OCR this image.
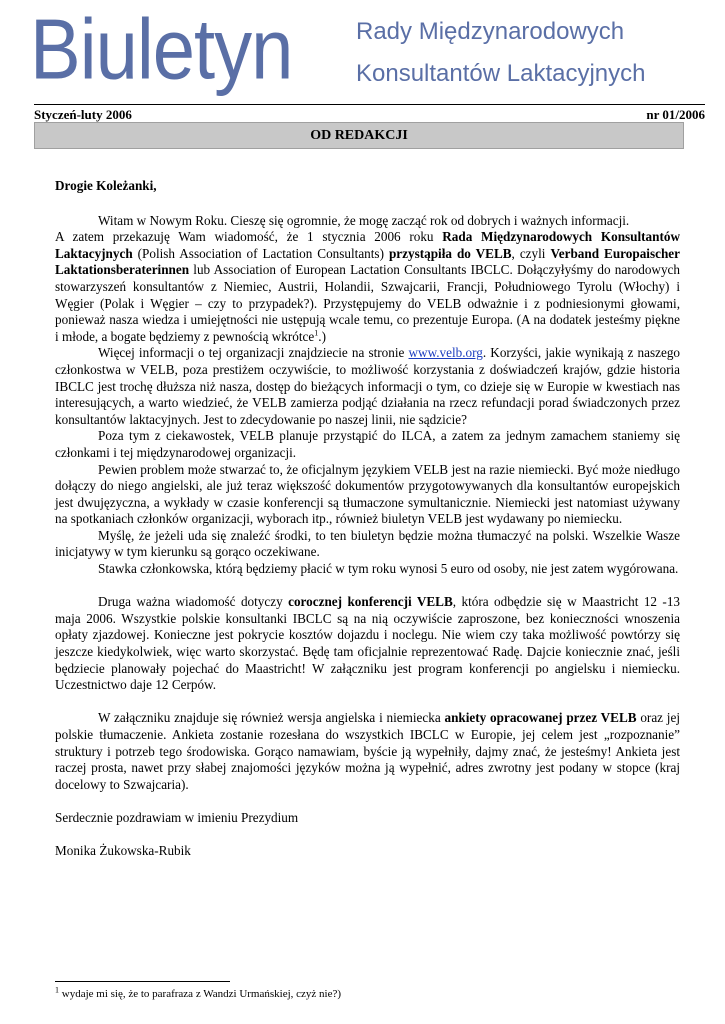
Biuletyn	Rady Międzynarodowych
Konsultantów Laktacyjnych
Styczeń-luty 2006	nr 01/2006
OD REDAKCJI

Drogie Koleżanki,

Witam w Nowym Roku. Cieszę się ogromnie, że mogę zacząć rok od dobrych i ważnych informacji.

A zatem przekazuję Wam wiadomość, że 1 stycznia 2006 roku Rada Międzynarodowych Konsultantów Laktacyjnych (Polish Association of Lactation Consultants) przystąpiła do VELB, czyli Verband Europaischer Laktationsberaterinnen lub Association of European Lactation Consultants IBCLC. Dołączyłyśmy do narodowych stowarzyszeń konsultantów z Niemiec, Austrii, Holandii, Szwajcarii, Francji, Południowego Tyrolu (Włochy) i Węgier (Polak i Węgier – czy to przypadek?). Przystępujemy do VELB odważnie i z podniesionymi głowami, ponieważ nasza wiedza i umiejętności nie ustępują wcale temu, co prezentuje Europa. (A na dodatek jesteśmy piękne i młode, a bogate będziemy z pewnością wkrótce$^1$.)

Więcej informacji o tej organizacji znajdziecie na stronie www.velb.org. Korzyści, jakie wynikają z naszego członkostwa w VELB, poza prestiżem oczywiście, to możliwość korzystania z doświadczeń krajów, gdzie historia IBCLC jest trochę dłuższa niż nasza, dostęp do bieżących informacji o tym, co dzieje się w Europie w kwestiach nas interesujących, a warto wiedzieć, że VELB zamierza podjąć działania na rzecz refundacji porad świadczonych przez konsultantów laktacyjnych. Jest to zdecydowanie po naszej linii, nie sądzicie?

Poza tym z ciekawostek, VELB planuje przystąpić do ILCA, a zatem za jednym zamachem staniemy się członkami i tej międzynarodowej organizacji.

Pewien problem może stwarzać to, że oficjalnym językiem VELB jest na razie niemiecki. Być może niedługo dołączy do niego angielski, ale już teraz większość dokumentów przygotowywanych dla konsultantów europejskich jest dwujęzyczna, a wykłady w czasie konferencji są tłumaczone symultanicznie. Niemiecki jest natomiast używany na spotkaniach członków organizacji, wyborach itp., również biuletyn VELB jest wydawany po niemiecku.

Myślę, że jeżeli uda się znaleźć środki, to ten biuletyn będzie można tłumaczyć na polski. Wszelkie Wasze inicjatywy w tym kierunku są gorąco oczekiwane.

Stawka członkowska, którą będziemy płacić w tym roku wynosi 5 euro od osoby, nie jest zatem wygórowana.

Druga ważna wiadomość dotyczy corocznej konferencji VELB, która odbędzie się w Maastricht 12 -13 maja 2006. Wszystkie polskie konsultanki IBCLC są na nią oczywiście zaproszone, bez konieczności wnoszenia opłaty zjazdowej. Konieczne jest pokrycie kosztów dojazdu i noclegu. Nie wiem czy taka możliwość powtórzy się jeszcze kiedykolwiek, więc warto skorzystać. Będę tam oficjalnie reprezentować Radę. Dajcie koniecznie znać, jeśli będziecie planowały pojechać do Maastricht! W załączniku jest program konferencji po angielsku i niemiecku. Uczestnictwo daje 12 Cerpów.

W załączniku znajduje się również wersja angielska i niemiecka ankiety opracowanej przez VELB oraz jej polskie tłumaczenie. Ankieta zostanie rozesłana do wszystkich IBCLC w Europie, jej celem jest „rozpoznanie” struktury i potrzeb tego środowiska. Gorąco namawiam, byście ją wypełniły, dajmy znać, że jesteśmy! Ankieta jest raczej prosta, nawet przy słabej znajomości języków można ją wypełnić, adres zwrotny jest podany w stopce (kraj docelowy to Szwajcaria).

Serdecznie pozdrawiam w imieniu Prezydium

Monika Żukowska-Rubik

$^1$ wydaje mi się, że to parafraza z Wandzi Urmańskiej, czyż nie?)
